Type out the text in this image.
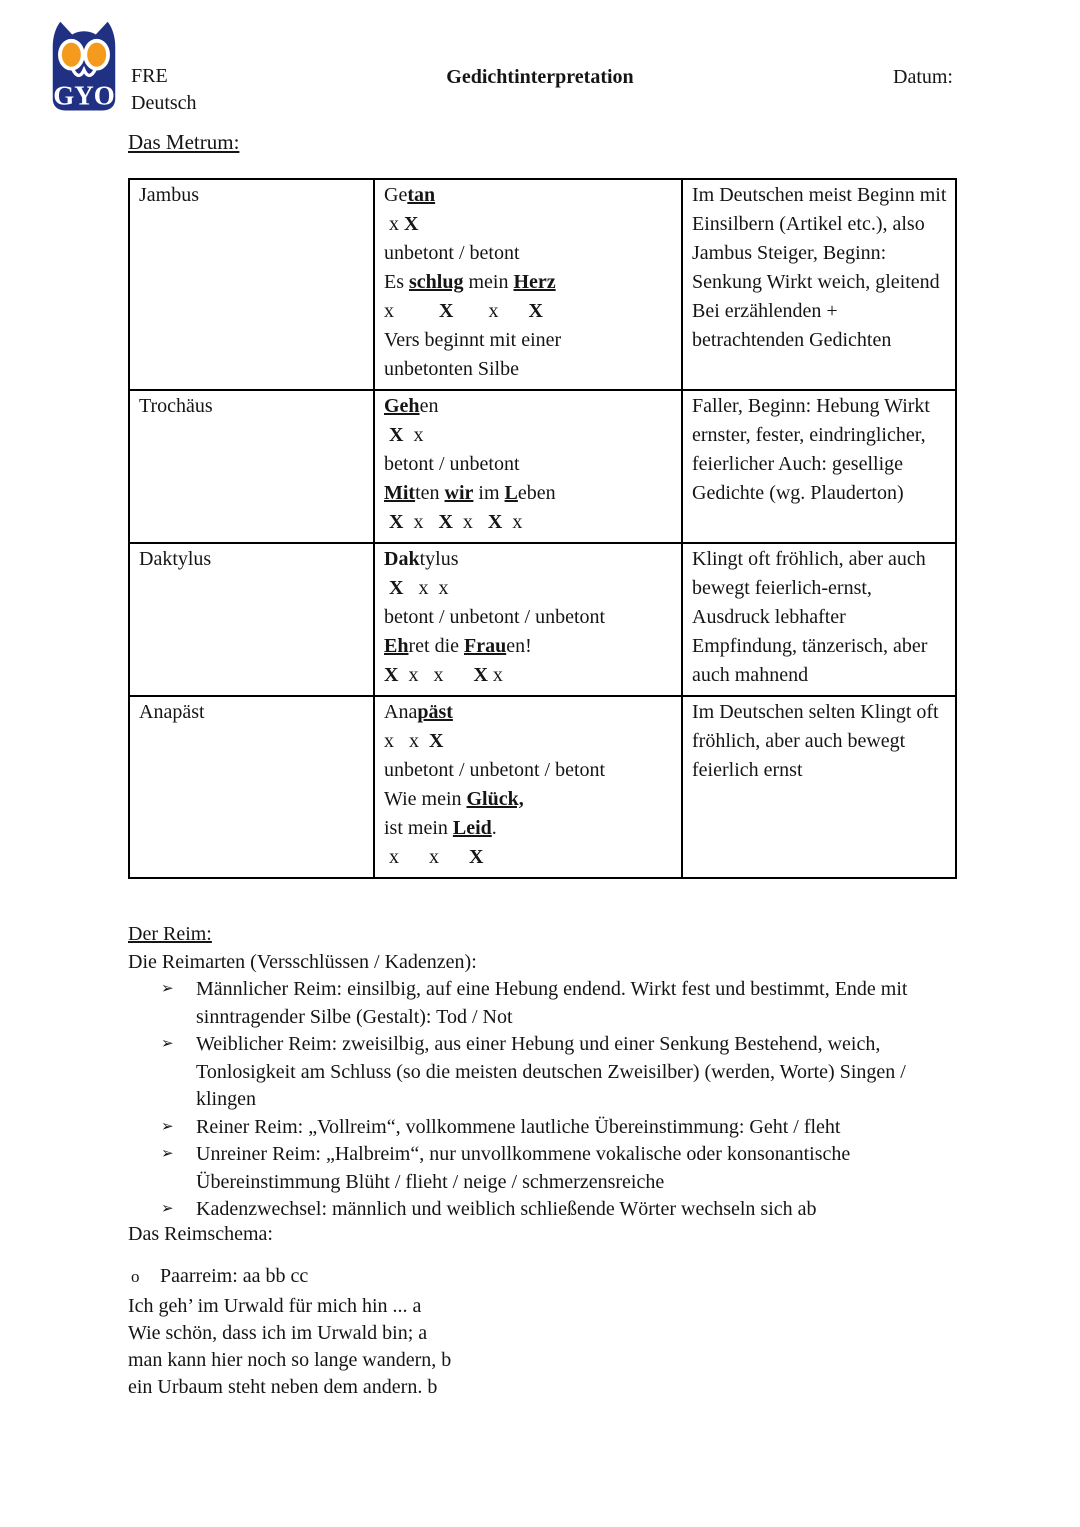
GYO
FRE
Deutsch
Gedichtinterpretation	Datum:
Das Metrum:
Jambus	Getan
x X
unbetont / betont
Es schlug mein Herz
x         X       x      X
Vers beginnt mit einer
unbetonten Silbe
	Im Deutschen meist Beginn mit Einsilbern (Artikel etc.), also Jambus Steiger, Beginn: Senkung Wirkt weich, gleitend Bei erzählenden + betrachtenden Gedichten
Trochäus	Gehen
X  x
betont / unbetont
Mitten wir im Leben
X  x   X  x   X  x	Faller, Beginn: Hebung Wirkt ernster, fester, eindringlicher, feierlicher Auch: gesellige Gedichte (wg. Plauderton)
Daktylus	Daktylus
X   x  x
betont / unbetont / unbetont
Ehret die Frauen!
X  x   x      X x	Klingt oft fröhlich, aber auch bewegt feierlich-ernst, Ausdruck lebhafter Empfindung, tänzerisch, aber auch mahnend
Anapäst	Anapäst
x   x  X
unbetont / unbetont / betont
Wie mein Glück,
ist mein Leid.
x      x      X
	Im Deutschen selten Klingt oft fröhlich, aber auch bewegt feierlich ernst
Der Reim:
Die Reimarten (Versschlüssen / Kadenzen):
➢	Männlicher Reim: einsilbig, auf eine Hebung endend. Wirkt fest und bestimmt, Ende mit sinntragender Silbe (Gestalt): Tod / Not
➢	Weiblicher Reim: zweisilbig, aus einer Hebung und einer Senkung Bestehend, weich, Tonlosigkeit am Schluss (so die meisten deutschen Zweisilber) (werden, Worte) Singen / klingen
➢	Reiner Reim: „Vollreim“, vollkommene lautliche Übereinstimmung: Geht / fleht
➢	Unreiner Reim: „Halbreim“, nur unvollkommene vokalische oder konsonantische Übereinstimmung Blüht / flieht / neige / schmerzensreiche
➢	Kadenzwechsel: männlich und weiblich schließende Wörter wechseln sich ab
Das Reimschema:
o	Paarreim: aa bb cc
Ich geh’ im Urwald für mich hin ... a
Wie schön, dass ich im Urwald bin; a
man kann hier noch so lange wandern, b
ein Urbaum steht neben dem andern. b
